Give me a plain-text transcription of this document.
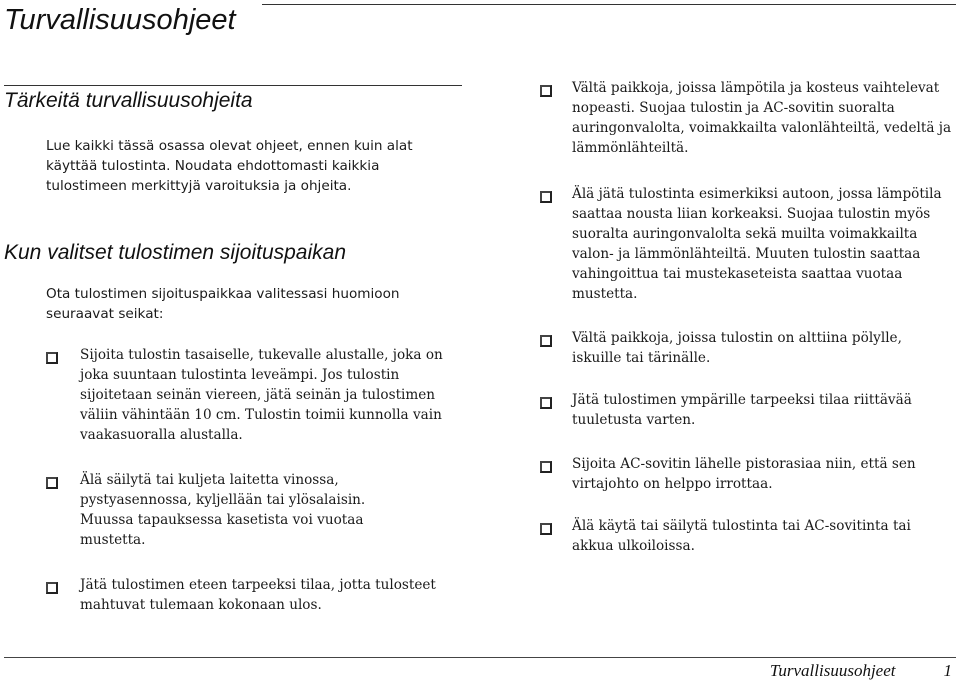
Turvallisuusohjeet
Tärkeitä turvallisuusohjeita
Lue kaikki tässä osassa olevat ohjeet, ennen kuin alat käyttää tulostinta. Noudata ehdottomasti kaikkia tulostimeen merkittyjä varoituksia ja ohjeita.
Kun valitset tulostimen sijoituspaikan
Ota tulostimen sijoituspaikkaa valitessasi huomioon seuraavat seikat:
Sijoita tulostin tasaiselle, tukevalle alustalle, joka on joka suuntaan tulostinta leveämpi. Jos tulostin sijoitetaan seinän viereen, jätä seinän ja tulostimen väliin vähintään 10 cm. Tulostin toimii kunnolla vain vaakasuoralla alustalla.
Älä säilytä tai kuljeta laitetta vinossa, pystyasennossa, kyljellään tai ylösalaisin. Muussa tapauksessa kasetista voi vuotaa mustetta.
Jätä tulostimen eteen tarpeeksi tilaa, jotta tulosteet mahtuvat tulemaan kokonaan ulos.
Vältä paikkoja, joissa lämpötila ja kosteus vaihtelevat nopeasti. Suojaa tulostin ja AC-sovitin suoralta auringonvalolta, voimakkailta valonlähteiltä, vedeltä ja lämmönlähteiltä.
Älä jätä tulostinta esimerkiksi autoon, jossa lämpötila saattaa nousta liian korkeaksi. Suojaa tulostin myös suoralta auringonvalolta sekä muilta voimakkailta valon- ja lämmönlähteiltä. Muuten tulostin saattaa vahingoittua tai mustekaseteista saattaa vuotaa mustetta.
Vältä paikkoja, joissa tulostin on alttiina pölylle, iskuille tai tärinälle.
Jätä tulostimen ympärille tarpeeksi tilaa riittävää tuuletusta varten.
Sijoita AC-sovitin lähelle pistorasiaa niin, että sen virtajohto on helppo irrottaa.
Älä käytä tai säilytä tulostinta tai AC-sovitinta tai akkua ulkoiloissa.
Turvallisuusohjeet	1
